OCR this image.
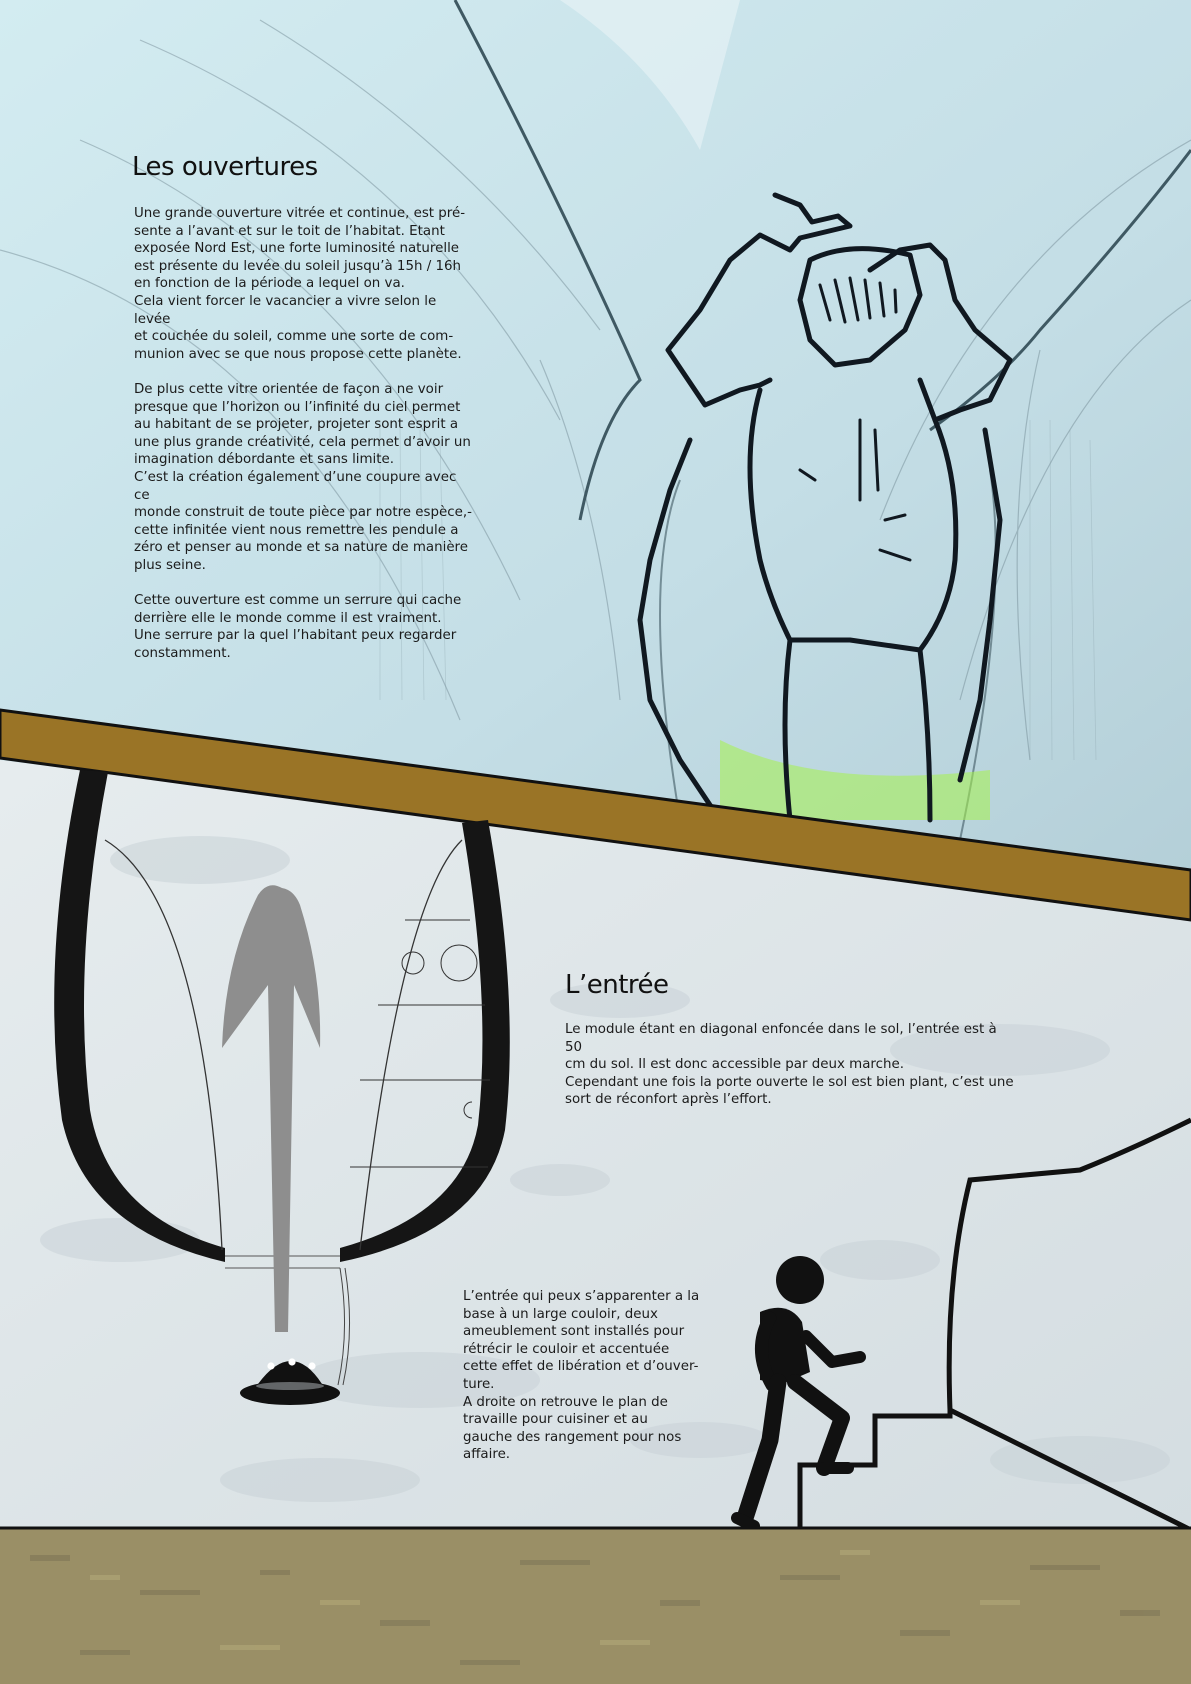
Les ouvertures

Une grande ouverture vitrée et continue, est pré-
sente a l’avant et sur le toit de l’habitat. Etant
exposée Nord Est, une forte luminosité naturelle
est présente du levée du soleil jusqu’à 15h / 16h
en fonction de la période a lequel on va.
Cela vient forcer le vacancier a vivre selon le levée
et couchée du soleil, comme une sorte de com-
munion avec se que nous propose cette planète.

De plus cette vitre orientée de façon a ne voir
presque que l’horizon ou l’infinité du ciel permet
au habitant de se projeter, projeter sont esprit a
une plus grande créativité, cela permet d’avoir un
imagination débordante et sans limite.
C’est la création également d’une coupure avec ce
monde construit de toute pièce par notre espèce,-
cette infinitée vient nous remettre les pendule a
zéro et penser au monde et sa nature de manière
plus seine.

Cette ouverture est comme un serrure qui cache
derrière elle le monde comme il est vraiment.
Une serrure par la quel l’habitant peux regarder
constamment.

L’entrée

Le module étant en diagonal enfoncée dans le sol, l’entrée est à 50
cm du sol. Il est donc accessible par deux marche.
Cependant une fois la porte ouverte le sol est bien plant, c’est une
sort de réconfort après l’effort.

L’entrée qui peux s’apparenter a la
base à un large couloir, deux
ameublement sont installés pour
rétrécir le couloir et accentuée
cette effet de libération et d’ouver-
ture.
A droite on retrouve le plan de
travaille pour cuisiner et au
gauche des rangement pour nos
affaire.
